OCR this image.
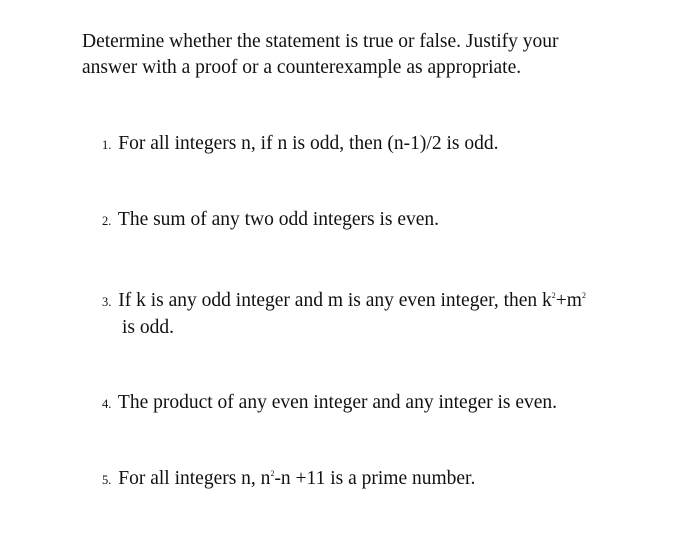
Determine whether the statement is true or false. Justify your
answer with a proof or a counterexample as appropriate.

1. For all integers n, if n is odd, then (n-1)/2 is odd.

2. The sum of any two odd integers is even.

3. If k is any odd integer and m is any even integer, then $k^2+m^2$
is odd.

4. The product of any even integer and any integer is even.

5. For all integers n, $n^2-n +11$ is a prime number.
